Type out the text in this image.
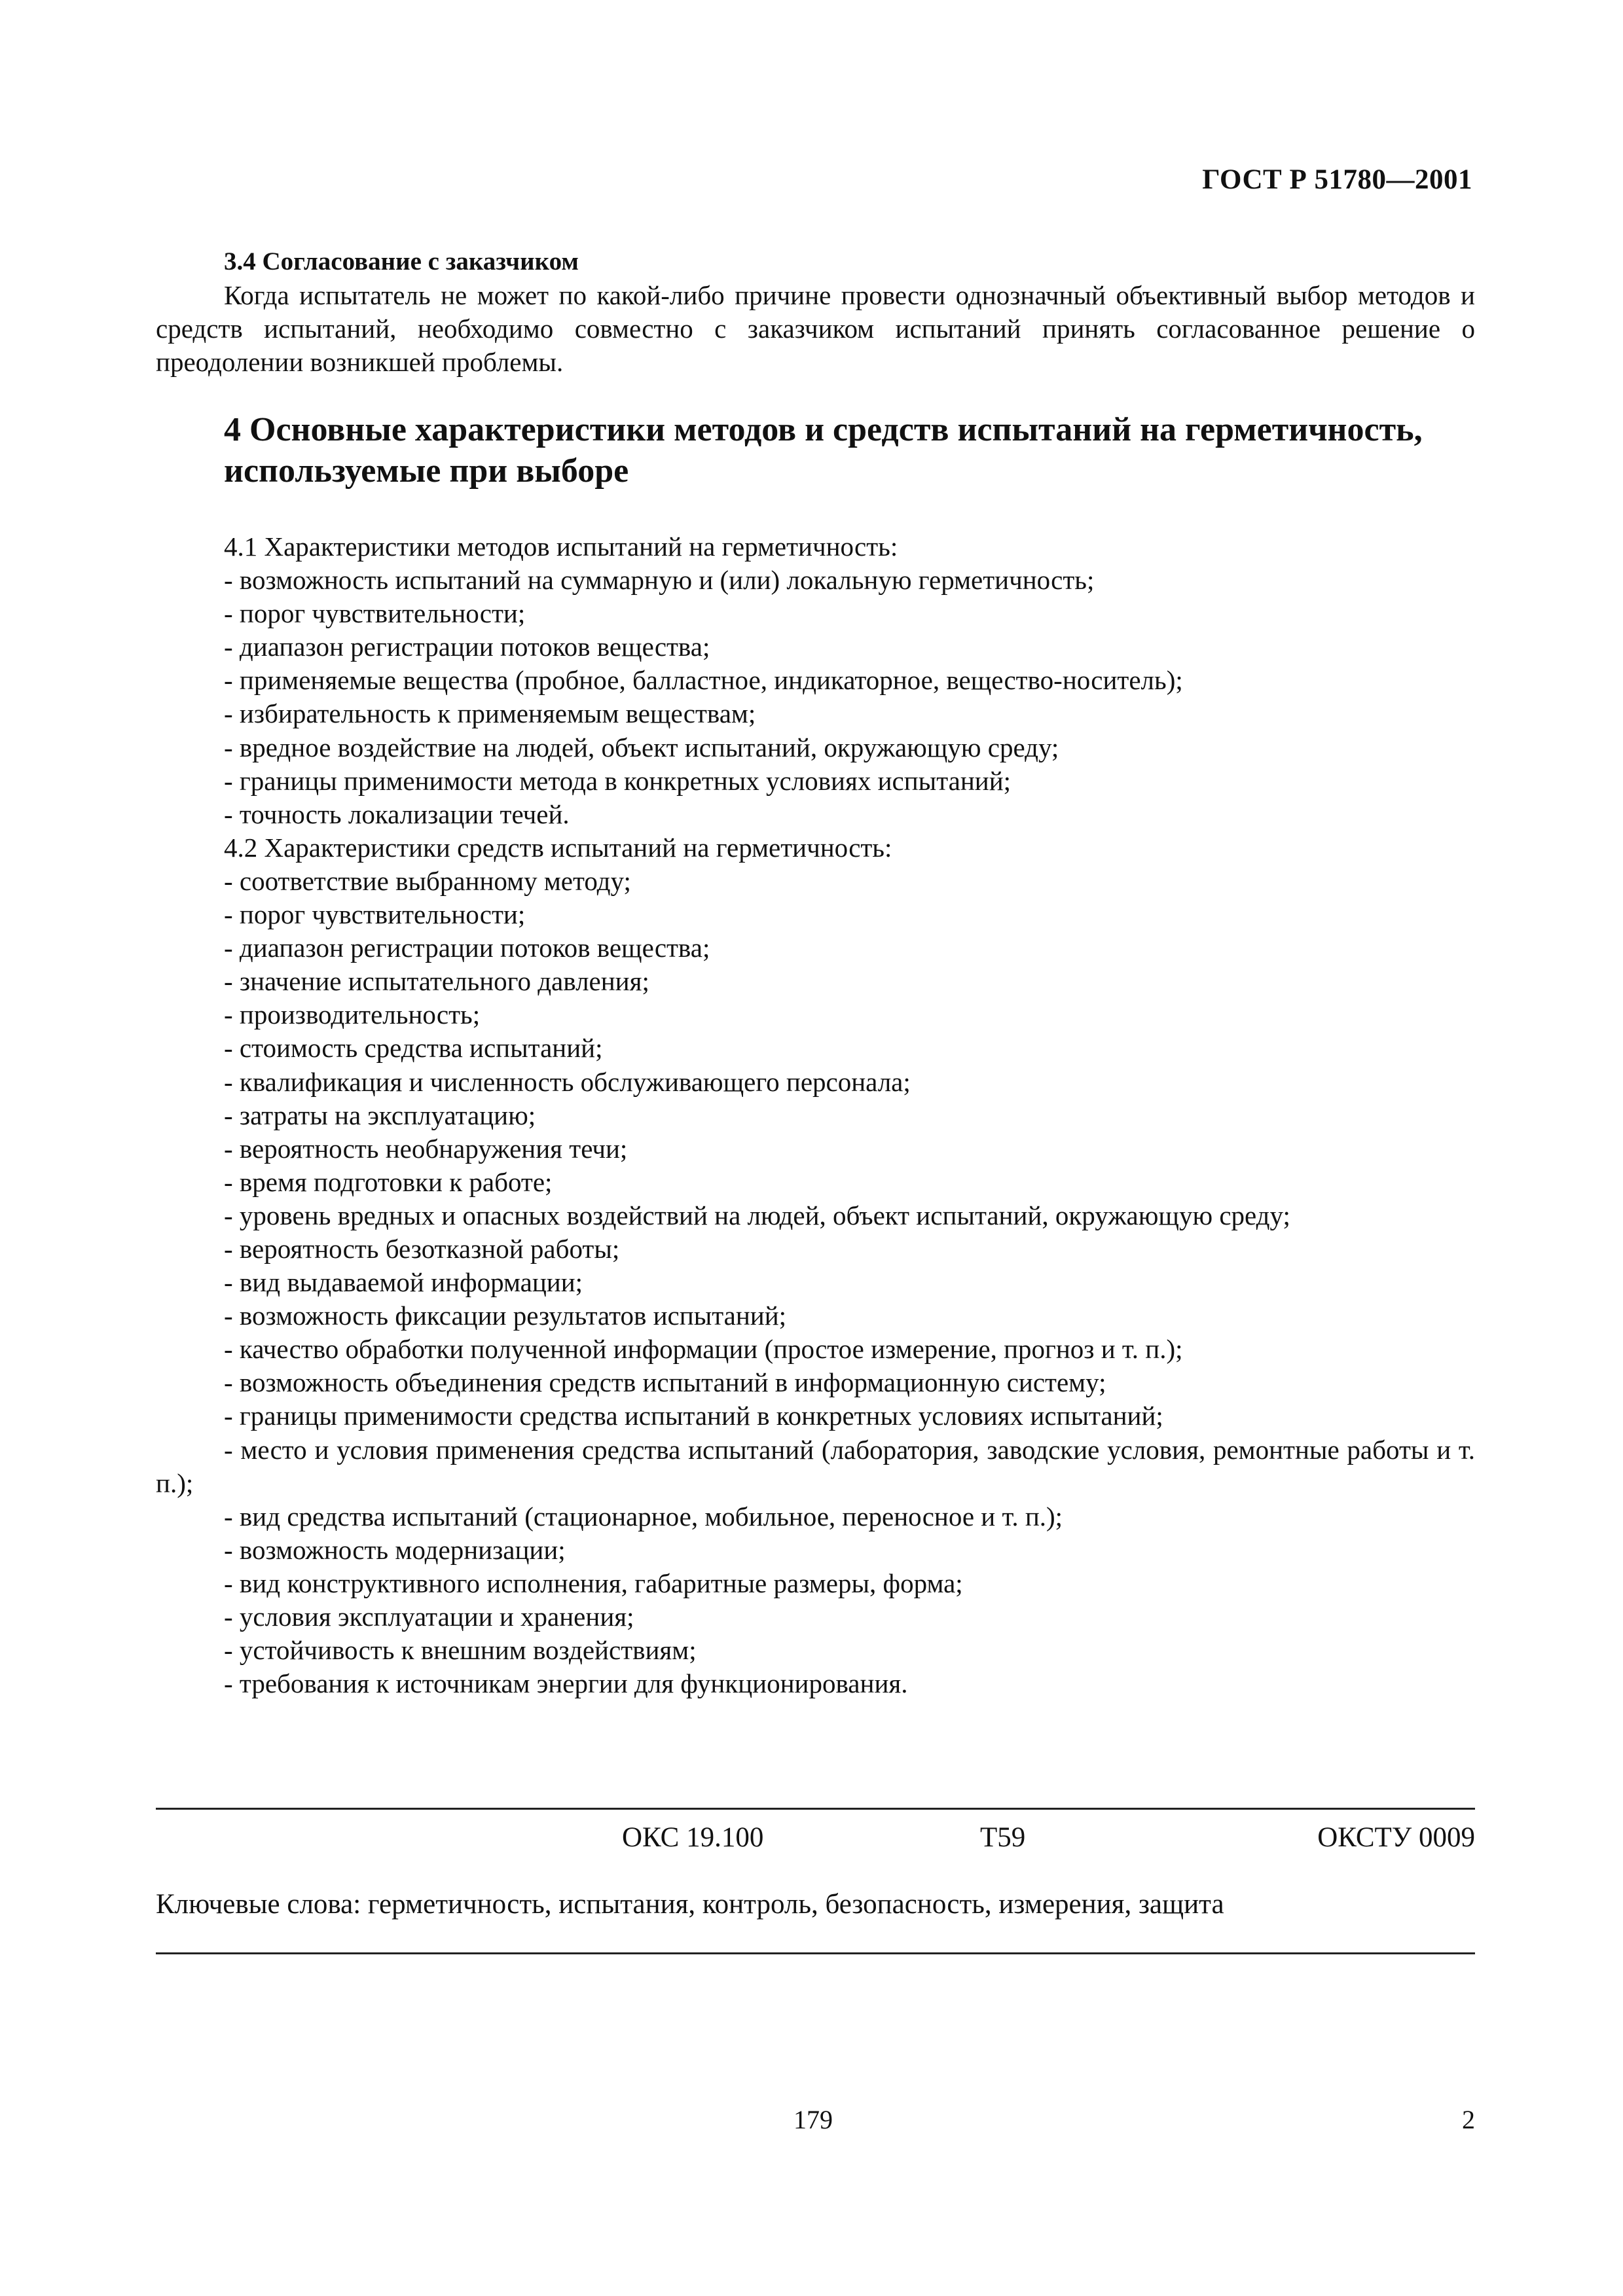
ГОСТ Р 51780—2001

3.4 Согласование с заказчиком

Когда испытатель не может по какой-либо причине провести однозначный объективный выбор методов и средств испытаний, необходимо совместно с заказчиком испытаний принять согласованное решение о преодолении возникшей проблемы.

4 Основные характеристики методов и средств испытаний на герметичность, используемые при выборе

4.1 Характеристики методов испытаний на герметичность:

- возможность испытаний на суммарную и (или) локальную герметичность;

- порог чувствительности;

- диапазон регистрации потоков вещества;

- применяемые вещества (пробное, балластное, индикаторное, вещество-носитель);

- избирательность к применяемым веществам;

- вредное воздействие на людей, объект испытаний, окружающую среду;

- границы применимости метода в конкретных условиях испытаний;

- точность локализации течей.

4.2 Характеристики средств испытаний на герметичность:

- соответствие выбранному методу;

- порог чувствительности;

- диапазон регистрации потоков вещества;

- значение испытательного давления;

- производительность;

- стоимость средства испытаний;

- квалификация и численность обслуживающего персонала;

- затраты на эксплуатацию;

- вероятность необнаружения течи;

- время подготовки к работе;

- уровень вредных и опасных воздействий на людей, объект испытаний, окружающую среду;

- вероятность безотказной работы;

- вид выдаваемой информации;

- возможность фиксации результатов испытаний;

- качество обработки полученной информации (простое измерение, прогноз и т. п.);

- возможность объединения средств испытаний в информационную систему;

- границы применимости средства испытаний в конкретных условиях испытаний;

- место и условия применения средства испытаний (лаборатория, заводские условия, ремонтные работы и т. п.);

- вид средства испытаний (стационарное, мобильное, переносное и т. п.);

- возможность модернизации;

- вид конструктивного исполнения, габаритные размеры, форма;

- условия эксплуатации и хранения;

- устойчивость к внешним воздействиям;

- требования к источникам энергии для функционирования.

ОКС 19.100	Т59	ОКСТУ 0009
Ключевые слова: герметичность, испытания, контроль, безопасность, измерения, защита
179	2
